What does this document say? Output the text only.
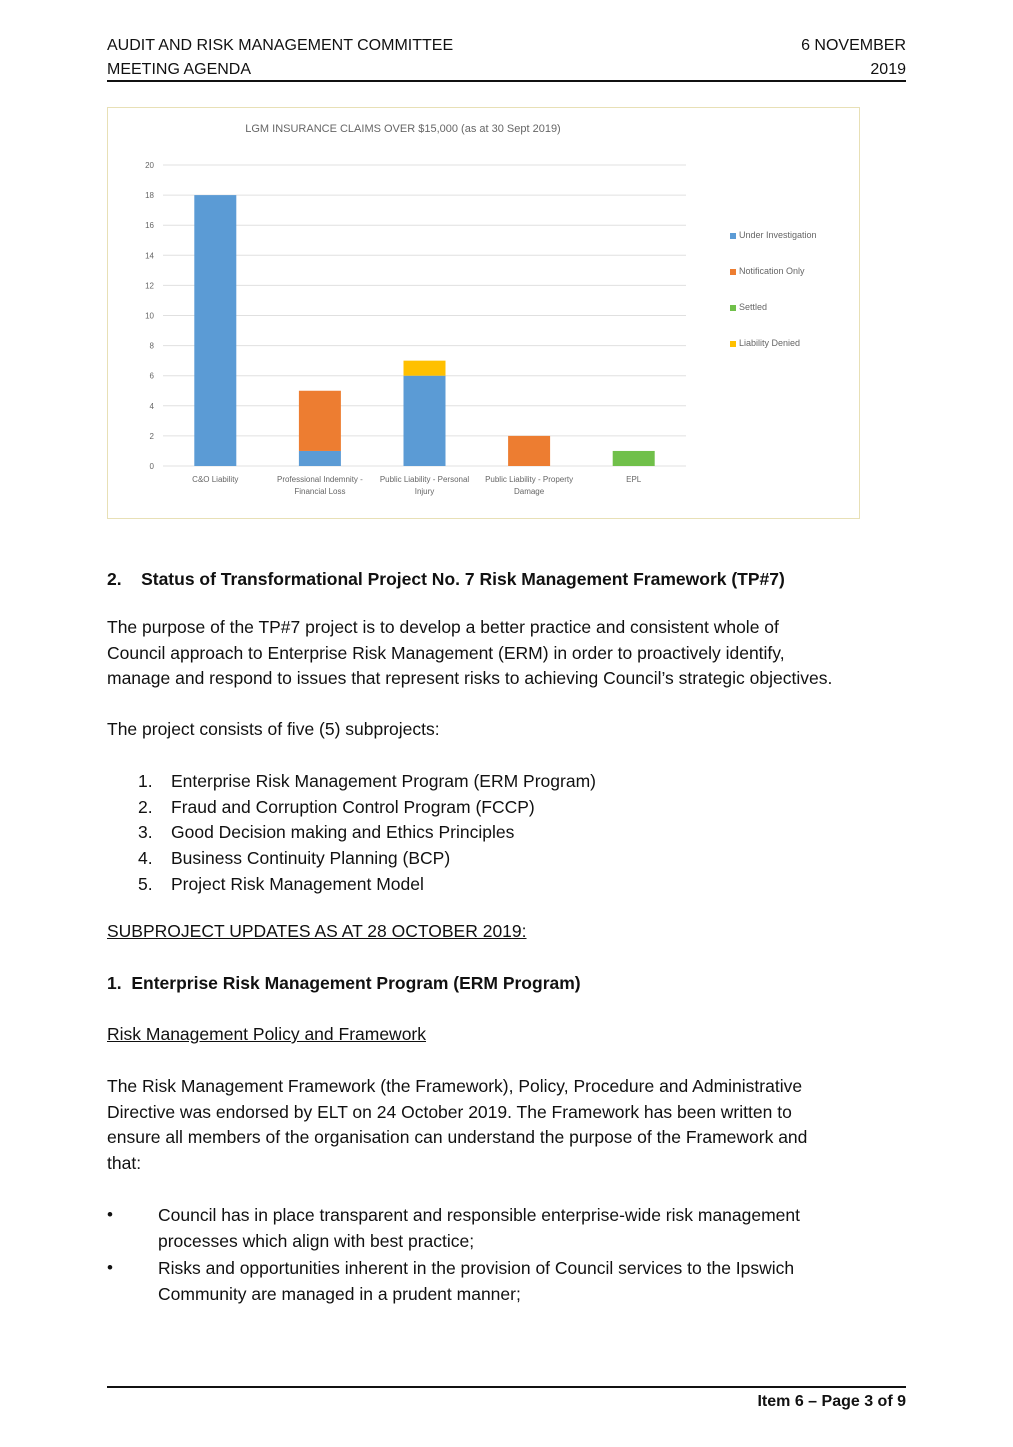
AUDIT AND RISK MANAGEMENT COMMITTEE
MEETING AGENDA
6 NOVEMBER
2019
LGM INSURANCE CLAIMS OVER $15,000 (as at 30 Sept 2019)
0
2
4
6
8
10
12
14
16
18
20
C&O Liability	Professional Indemnity -
Financial Loss
Public Liability - Personal
Injury
Public Liability - Property
Damage
EPL
Under Investigation
Notification Only
Settled
Liability Denied
2. Status of Transformational Project No. 7 Risk Management Framework (TP#7)
The purpose of the TP#7 project is to develop a better practice and consistent whole of
Council approach to Enterprise Risk Management (ERM) in order to proactively identify,
manage and respond to issues that represent risks to achieving Council’s strategic objectives.
The project consists of five (5) subprojects:
1. Enterprise Risk Management Program (ERM Program)
2. Fraud and Corruption Control Program (FCCP)
3. Good Decision making and Ethics Principles
4. Business Continuity Planning (BCP)
5. Project Risk Management Model
SUBPROJECT UPDATES AS AT 28 OCTOBER 2019:
1. Enterprise Risk Management Program (ERM Program)
Risk Management Policy and Framework
The Risk Management Framework (the Framework), Policy, Procedure and Administrative
Directive was endorsed by ELT on 24 October 2019. The Framework has been written to
ensure all members of the organisation can understand the purpose of the Framework and
that:
•	Council has in place transparent and responsible enterprise-wide risk management
processes which align with best practice;
•	Risks and opportunities inherent in the provision of Council services to the Ipswich
Community are managed in a prudent manner;
Item 6 – Page 3 of 9
